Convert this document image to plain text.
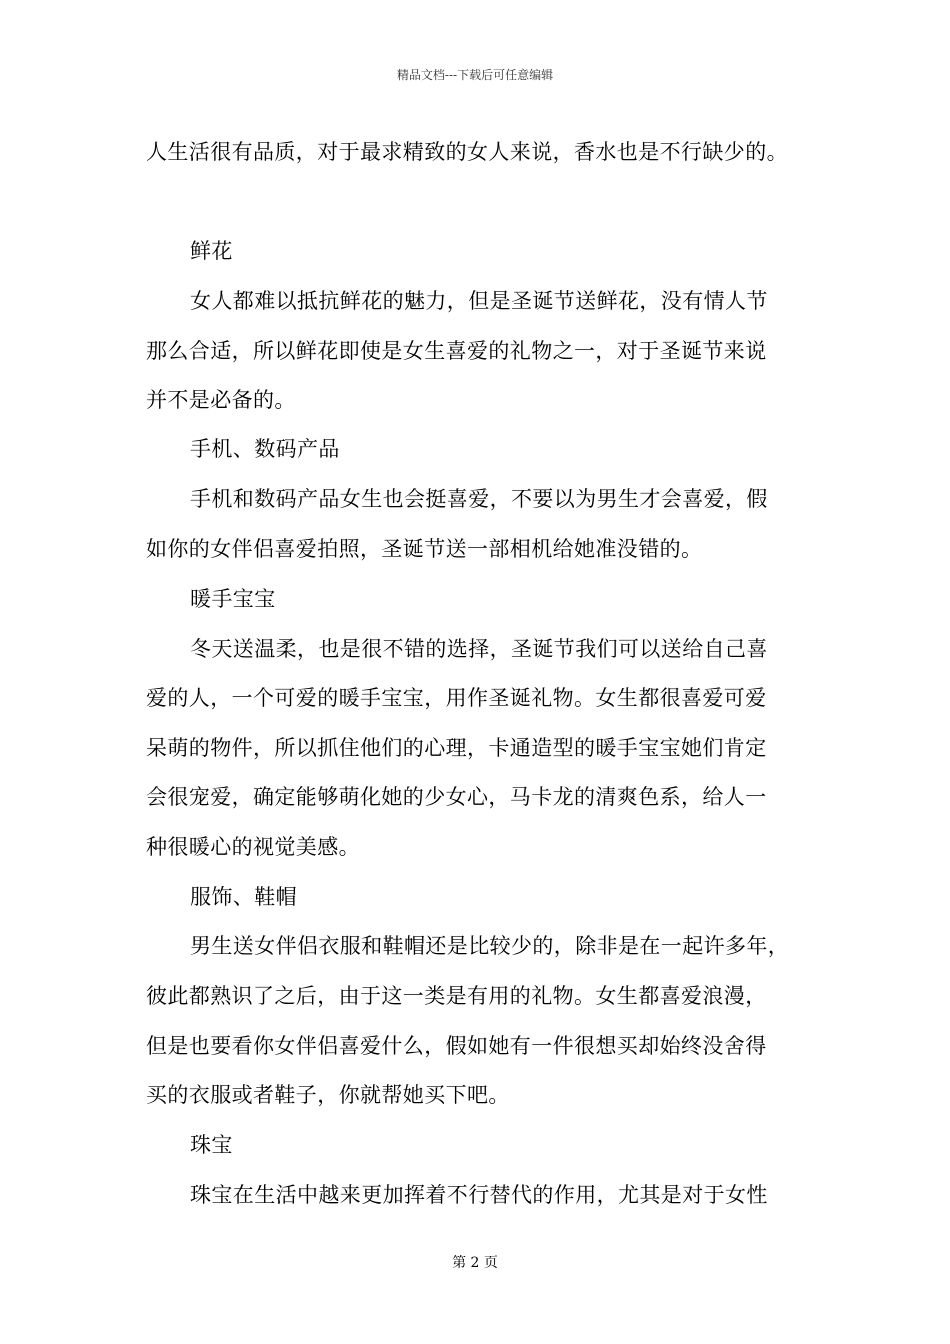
精品文档---下载后可任意编辑
人生活很有品质，对于最求精致的女人来说，香水也是不行缺少的。
鲜花
女人都难以抵抗鲜花的魅力，但是圣诞节送鲜花，没有情人节
那么合适，所以鲜花即使是女生喜爱的礼物之一，对于圣诞节来说
并不是必备的。
手机、数码产品
手机和数码产品女生也会挺喜爱，不要以为男生才会喜爱，假
如你的女伴侣喜爱拍照，圣诞节送一部相机给她准没错的。
暖手宝宝
冬天送温柔，也是很不错的选择，圣诞节我们可以送给自己喜
爱的人，一个可爱的暖手宝宝，用作圣诞礼物。女生都很喜爱可爱
呆萌的物件，所以抓住他们的心理，卡通造型的暖手宝宝她们肯定
会很宠爱，确定能够萌化她的少女心，马卡龙的清爽色系，给人一
种很暖心的视觉美感。
服饰、鞋帽
男生送女伴侣衣服和鞋帽还是比较少的，除非是在一起许多年，
彼此都熟识了之后，由于这一类是有用的礼物。女生都喜爱浪漫，
但是也要看你女伴侣喜爱什么，假如她有一件很想买却始终没舍得
买的衣服或者鞋子，你就帮她买下吧。
珠宝
珠宝在生活中越来更加挥着不行替代的作用，尤其是对于女性
第 2 页
